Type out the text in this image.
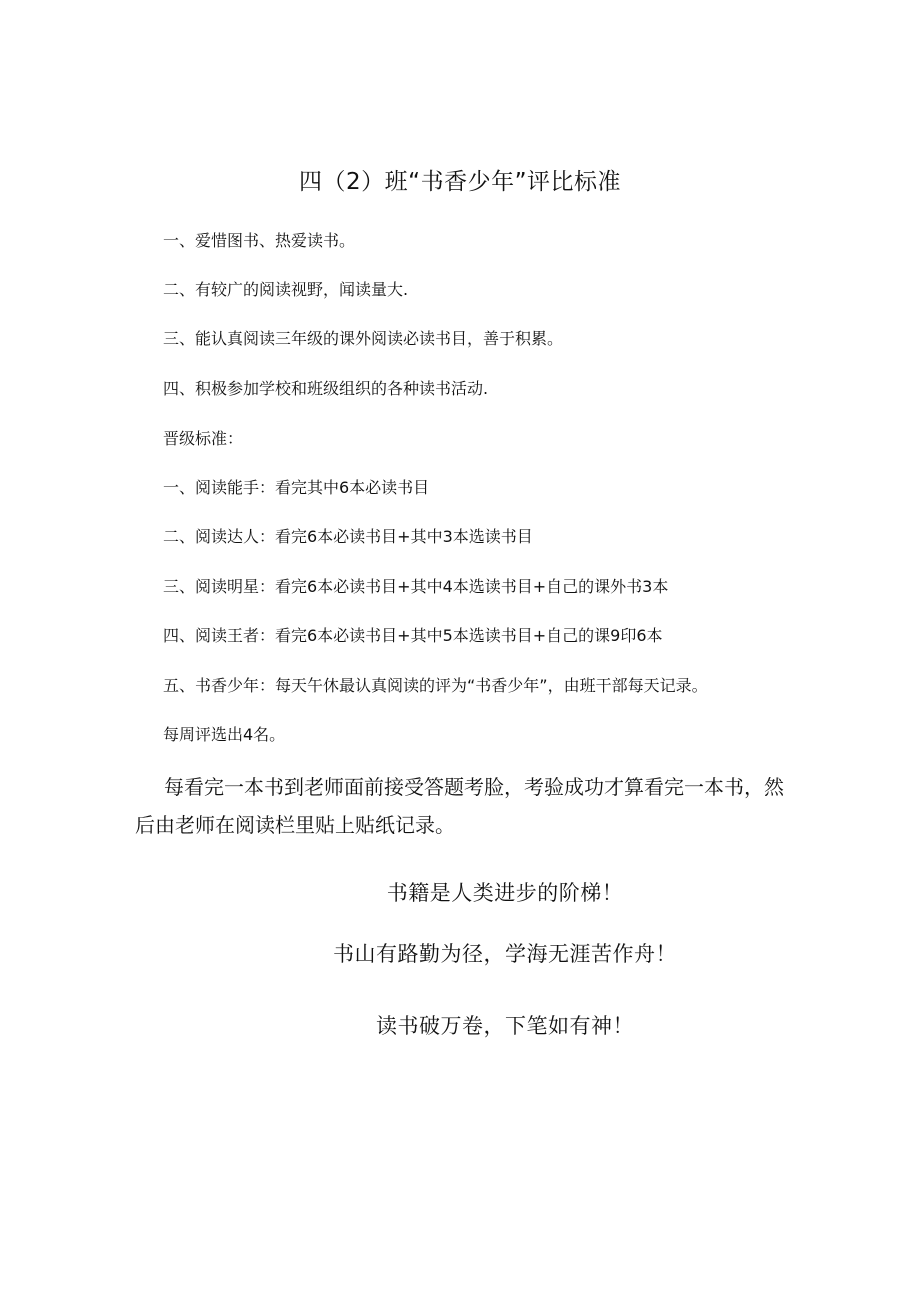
四（2）班“书香少年”评比标准
一、爱惜图书、热爱读书。
二、有较广的阅读视野，闻读量大.
三、能认真阅读三年级的课外阅读必读书目，善于积累。
四、积极参加学校和班级组织的各种读书活动.
晋级标准：
一、阅读能手：看完其中6本必读书目
二、阅读达人：看完6本必读书目+其中3本选读书目
三、阅读明星：看完6本必读书目+其中4本选读书目+自己的课外书3本
四、阅读王者：看完6本必读书目+其中5本选读书目+自己的课9印6本
五、书香少年：每天午休最认真阅读的评为“书香少年”，由班干部每天记录。
每周评选出4名。
每看完一本书到老师面前接受答题考脸，考验成功才算看完一本书，然后由老师在阅读栏里贴上贴纸记录。
书籍是人类进步的阶梯！
书山有路勤为径，学海无涯苦作舟！
读书破万卷，下笔如有神！
